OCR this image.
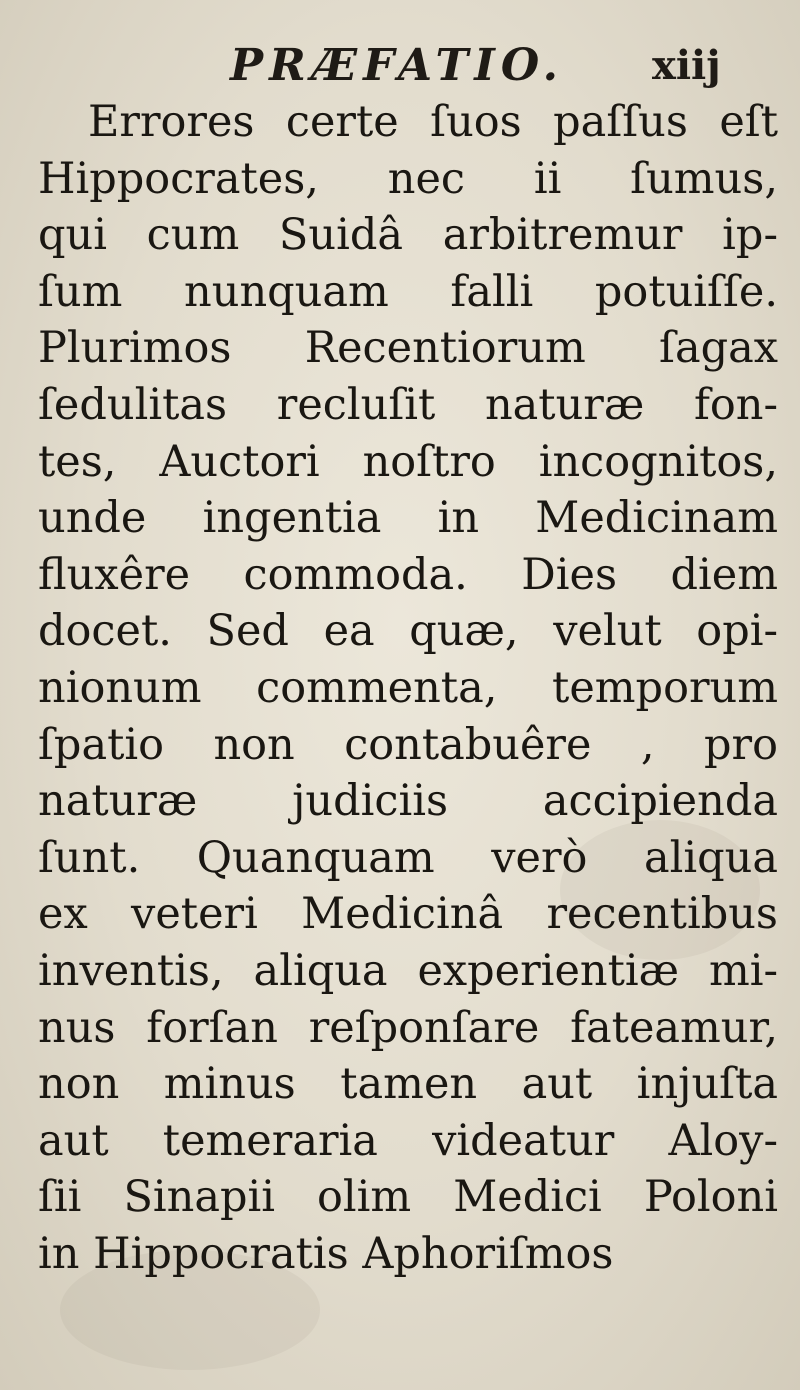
PRÆFATIO. xiij
Errores certe ſuos paſſus eſt
Hippocrates, nec ii ſumus,
qui cum Suidâ arbitremur ip-
ſum nunquam falli potuiſſe.
Plurimos Recentiorum ſagax
ſedulitas recluſit naturæ fon-
tes, Auctori noſtro incognitos,
unde ingentia in Medicinam
fluxêre commoda. Dies diem
docet. Sed ea quæ, velut opi-
nionum commenta, temporum
ſpatio non contabuêre , pro
naturæ judiciis accipienda
ſunt. Quanquam verò aliqua
ex veteri Medicinâ recentibus
inventis, aliqua experientiæ mi-
nus forſan reſponſare fateamur,
non minus tamen aut injuſta
aut temeraria videatur Aloy-
ſii Sinapii olim Medici Poloni
in Hippocratis Aphoriſmos
